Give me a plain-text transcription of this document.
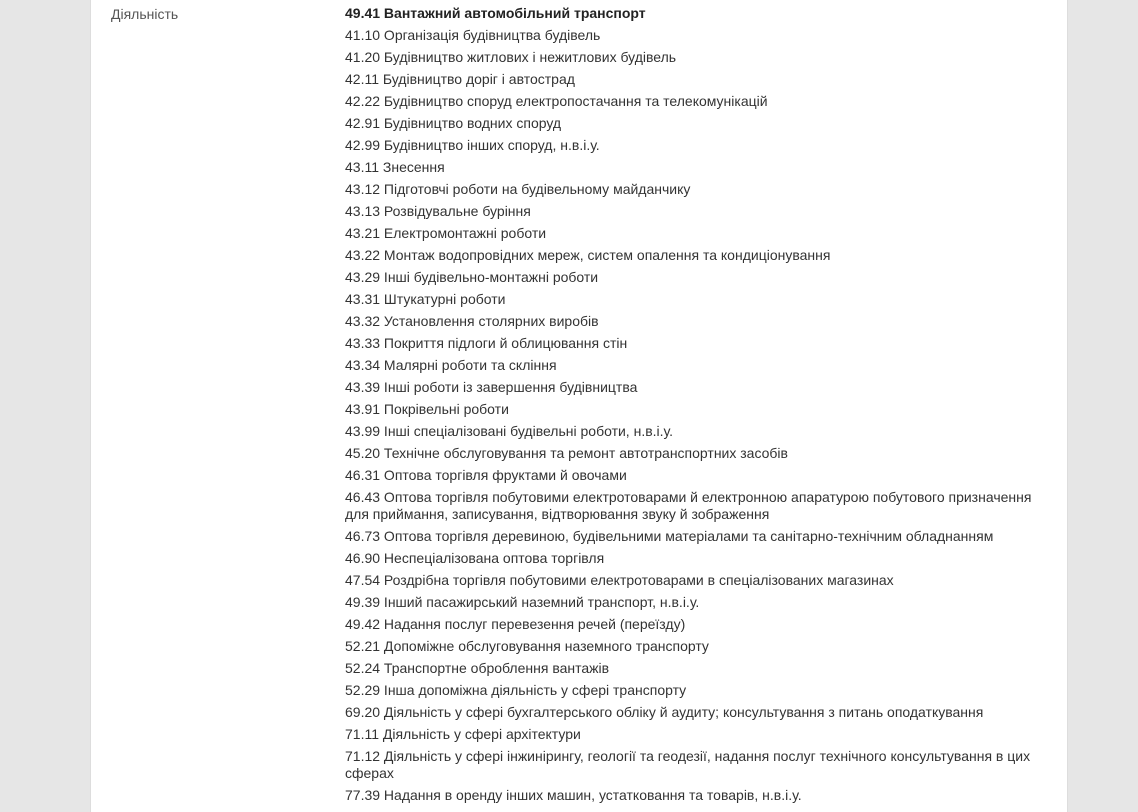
Діяльність	49.41 Вантажний автомобільний транспорт
41.10 Організація будівництва будівель
41.20 Будівництво житлових і нежитлових будівель
42.11 Будівництво доріг і автострад
42.22 Будівництво споруд електропостачання та телекомунікацій
42.91 Будівництво водних споруд
42.99 Будівництво інших споруд, н.в.і.у.
43.11 Знесення
43.12 Підготовчі роботи на будівельному майданчику
43.13 Розвідувальне буріння
43.21 Електромонтажні роботи
43.22 Монтаж водопровідних мереж, систем опалення та кондиціонування
43.29 Інші будівельно-монтажні роботи
43.31 Штукатурні роботи
43.32 Установлення столярних виробів
43.33 Покриття підлоги й облицювання стін
43.34 Малярні роботи та скління
43.39 Інші роботи із завершення будівництва
43.91 Покрівельні роботи
43.99 Інші спеціалізовані будівельні роботи, н.в.і.у.
45.20 Технічне обслуговування та ремонт автотранспортних засобів
46.31 Оптова торгівля фруктами й овочами
46.43 Оптова торгівля побутовими електротоварами й електронною апаратурою побутового призначення для приймання, записування, відтворювання звуку й зображення
46.73 Оптова торгівля деревиною, будівельними матеріалами та санітарно-технічним обладнанням
46.90 Неспеціалізована оптова торгівля
47.54 Роздрібна торгівля побутовими електротоварами в спеціалізованих магазинах
49.39 Інший пасажирський наземний транспорт, н.в.і.у.
49.42 Надання послуг перевезення речей (переїзду)
52.21 Допоміжне обслуговування наземного транспорту
52.24 Транспортне оброблення вантажів
52.29 Інша допоміжна діяльність у сфері транспорту
69.20 Діяльність у сфері бухгалтерського обліку й аудиту; консультування з питань оподаткування
71.11 Діяльність у сфері архітектури
71.12 Діяльність у сфері інжинірингу, геології та геодезії, надання послуг технічного консультування в цих сферах
77.39 Надання в оренду інших машин, устатковання та товарів, н.в.і.у.
